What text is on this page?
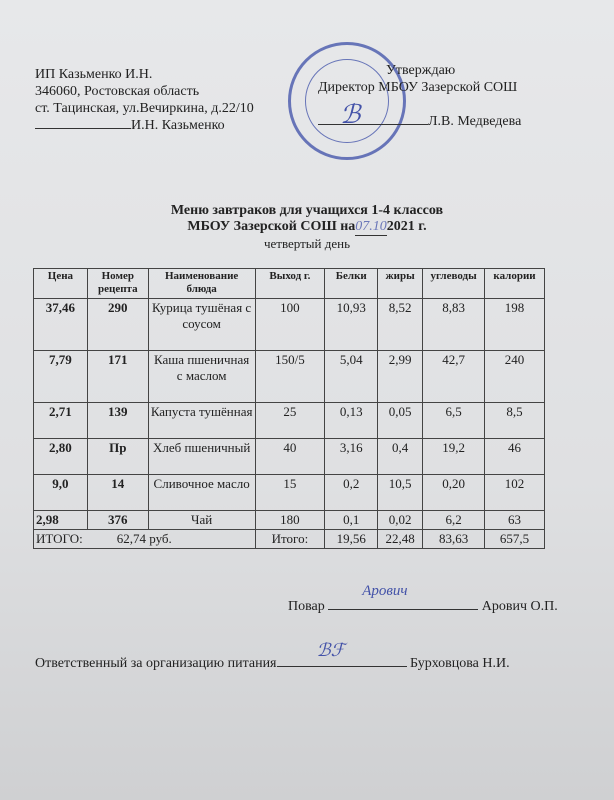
ИП Казьменко И.Н.
346060, Ростовская область
ст. Тацинская, ул.Вечиркина, д.22/10
И.Н. Казьменко	ℬ
Утверждаю
Директор МБОУ Зазерской СОШ
Л.В. Медведева
Меню завтраков для учащихся 1-4 классов
МБОУ Зазерской СОШ на07.102021 г.
четвертый день
Цена	Номер рецепта	Наименование блюда	Выход г.	Белки	жиры	углеводы	калории
37,46	290	Курица тушёная с соусом	100	10,93	8,52	8,83	198
7,79	171	Каша пшеничная с маслом	150/5	5,04	2,99	42,7	240
2,71	139	Капуста тушённая	25	0,13	0,05	6,5	8,5
2,80	Пр	Хлеб пшеничный	40	3,16	0,4	19,2	46
9,0	14	Сливочное масло	15	0,2	10,5	0,20	102
2,98	376	Чай	180	0,1	0,02	6,2	63
ИТОГО: 62,74 руб.			Итого:	19,56	22,48	83,63	657,5
Повар
Арович
Арович О.П.
Ответственный за организацию питания
ℬℱ
Бурховцова Н.И.
